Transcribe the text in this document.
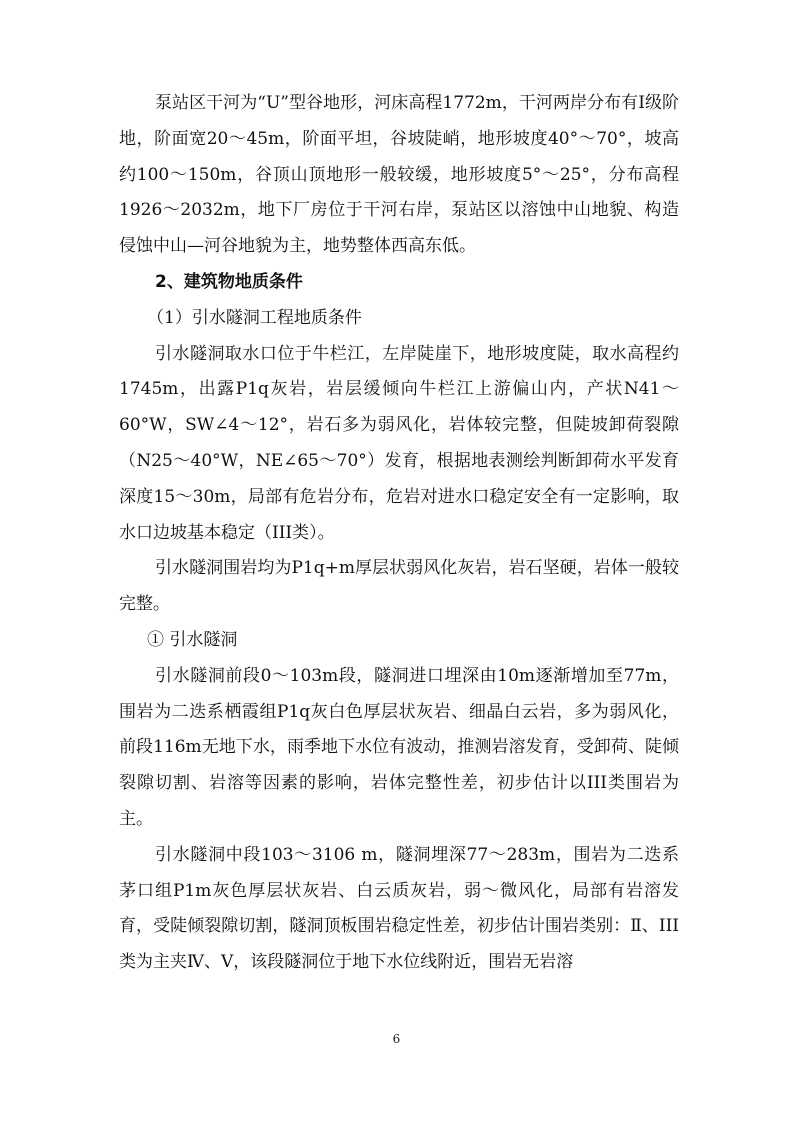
泵站区干河为“U”型谷地形，河床高程1772m，干河两岸分布有Ⅰ级阶地，阶面宽20～45m，阶面平坦，谷坡陡峭，地形坡度40°～70°，坡高约100～150m，谷顶山顶地形一般较缓，地形坡度5°～25°，分布高程1926～2032m，地下厂房位于干河右岸，泵站区以溶蚀中山地貌、构造侵蚀中山—河谷地貌为主，地势整体西高东低。

2、建筑物地质条件

（1）引水隧洞工程地质条件

引水隧洞取水口位于牛栏江，左岸陡崖下，地形坡度陡，取水高程约1745m，出露P1q灰岩，岩层缓倾向牛栏江上游偏山内，产状N41～60°W，SW∠4～12°，岩石多为弱风化，岩体较完整，但陡坡卸荷裂隙（N25～40°W，NE∠65～70°）发育，根据地表测绘判断卸荷水平发育深度15～30m，局部有危岩分布，危岩对进水口稳定安全有一定影响，取水口边坡基本稳定（III类）。

引水隧洞围岩均为P1q+m厚层状弱风化灰岩，岩石坚硬，岩体一般较完整。

① 引水隧洞

引水隧洞前段0～103m段，隧洞进口埋深由10m逐渐增加至77m，围岩为二迭系栖霞组P1q灰白色厚层状灰岩、细晶白云岩，多为弱风化，前段116m无地下水，雨季地下水位有波动，推测岩溶发育，受卸荷、陡倾裂隙切割、岩溶等因素的影响，岩体完整性差，初步估计以III类围岩为主。

引水隧洞中段103～3106 m，隧洞埋深77～283m，围岩为二迭系茅口组P1m灰色厚层状灰岩、白云质灰岩，弱～微风化，局部有岩溶发育，受陡倾裂隙切割，隧洞顶板围岩稳定性差，初步估计围岩类别：Ⅱ、III类为主夹Ⅳ、Ⅴ，该段隧洞位于地下水位线附近，围岩无岩溶

6
